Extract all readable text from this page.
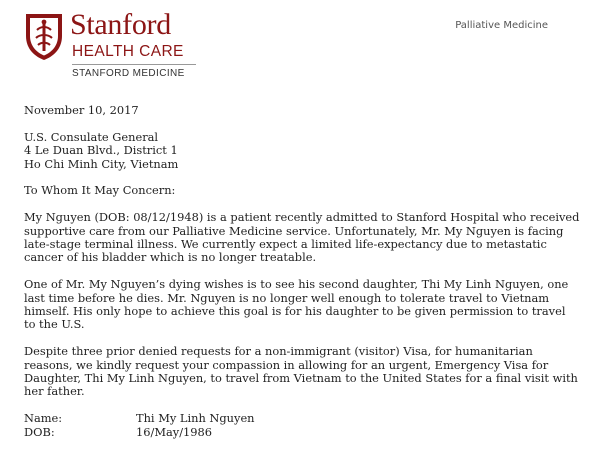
Stanford
HEALTH CARE
STANFORD MEDICINE
Palliative Medicine

November 10, 2017

U.S. Consulate General
4 Le Duan Blvd., District 1
Ho Chi Minh City, Vietnam

To Whom It May Concern:

My Nguyen (DOB: 08/12/1948) is a patient recently admitted to Stanford Hospital who received supportive care from our Palliative Medicine service. Unfortunately, Mr. My Nguyen is facing late-stage terminal illness. We currently expect a limited life-expectancy due to metastatic cancer of his bladder which is no longer treatable.

One of Mr. My Nguyen’s dying wishes is to see his second daughter, Thi My Linh Nguyen, one last time before he dies. Mr. Nguyen is no longer well enough to tolerate travel to Vietnam himself. His only hope to achieve this goal is for his daughter to be given permission to travel to the U.S.

Despite three prior denied requests for a non-immigrant (visitor) Visa, for humanitarian reasons, we kindly request your compassion in allowing for an urgent, Emergency Visa for Daughter, Thi My Linh Nguyen, to travel from Vietnam to the United States for a final visit with her father.

Name:	Thi My Linh Nguyen
DOB:	16/May/1986
